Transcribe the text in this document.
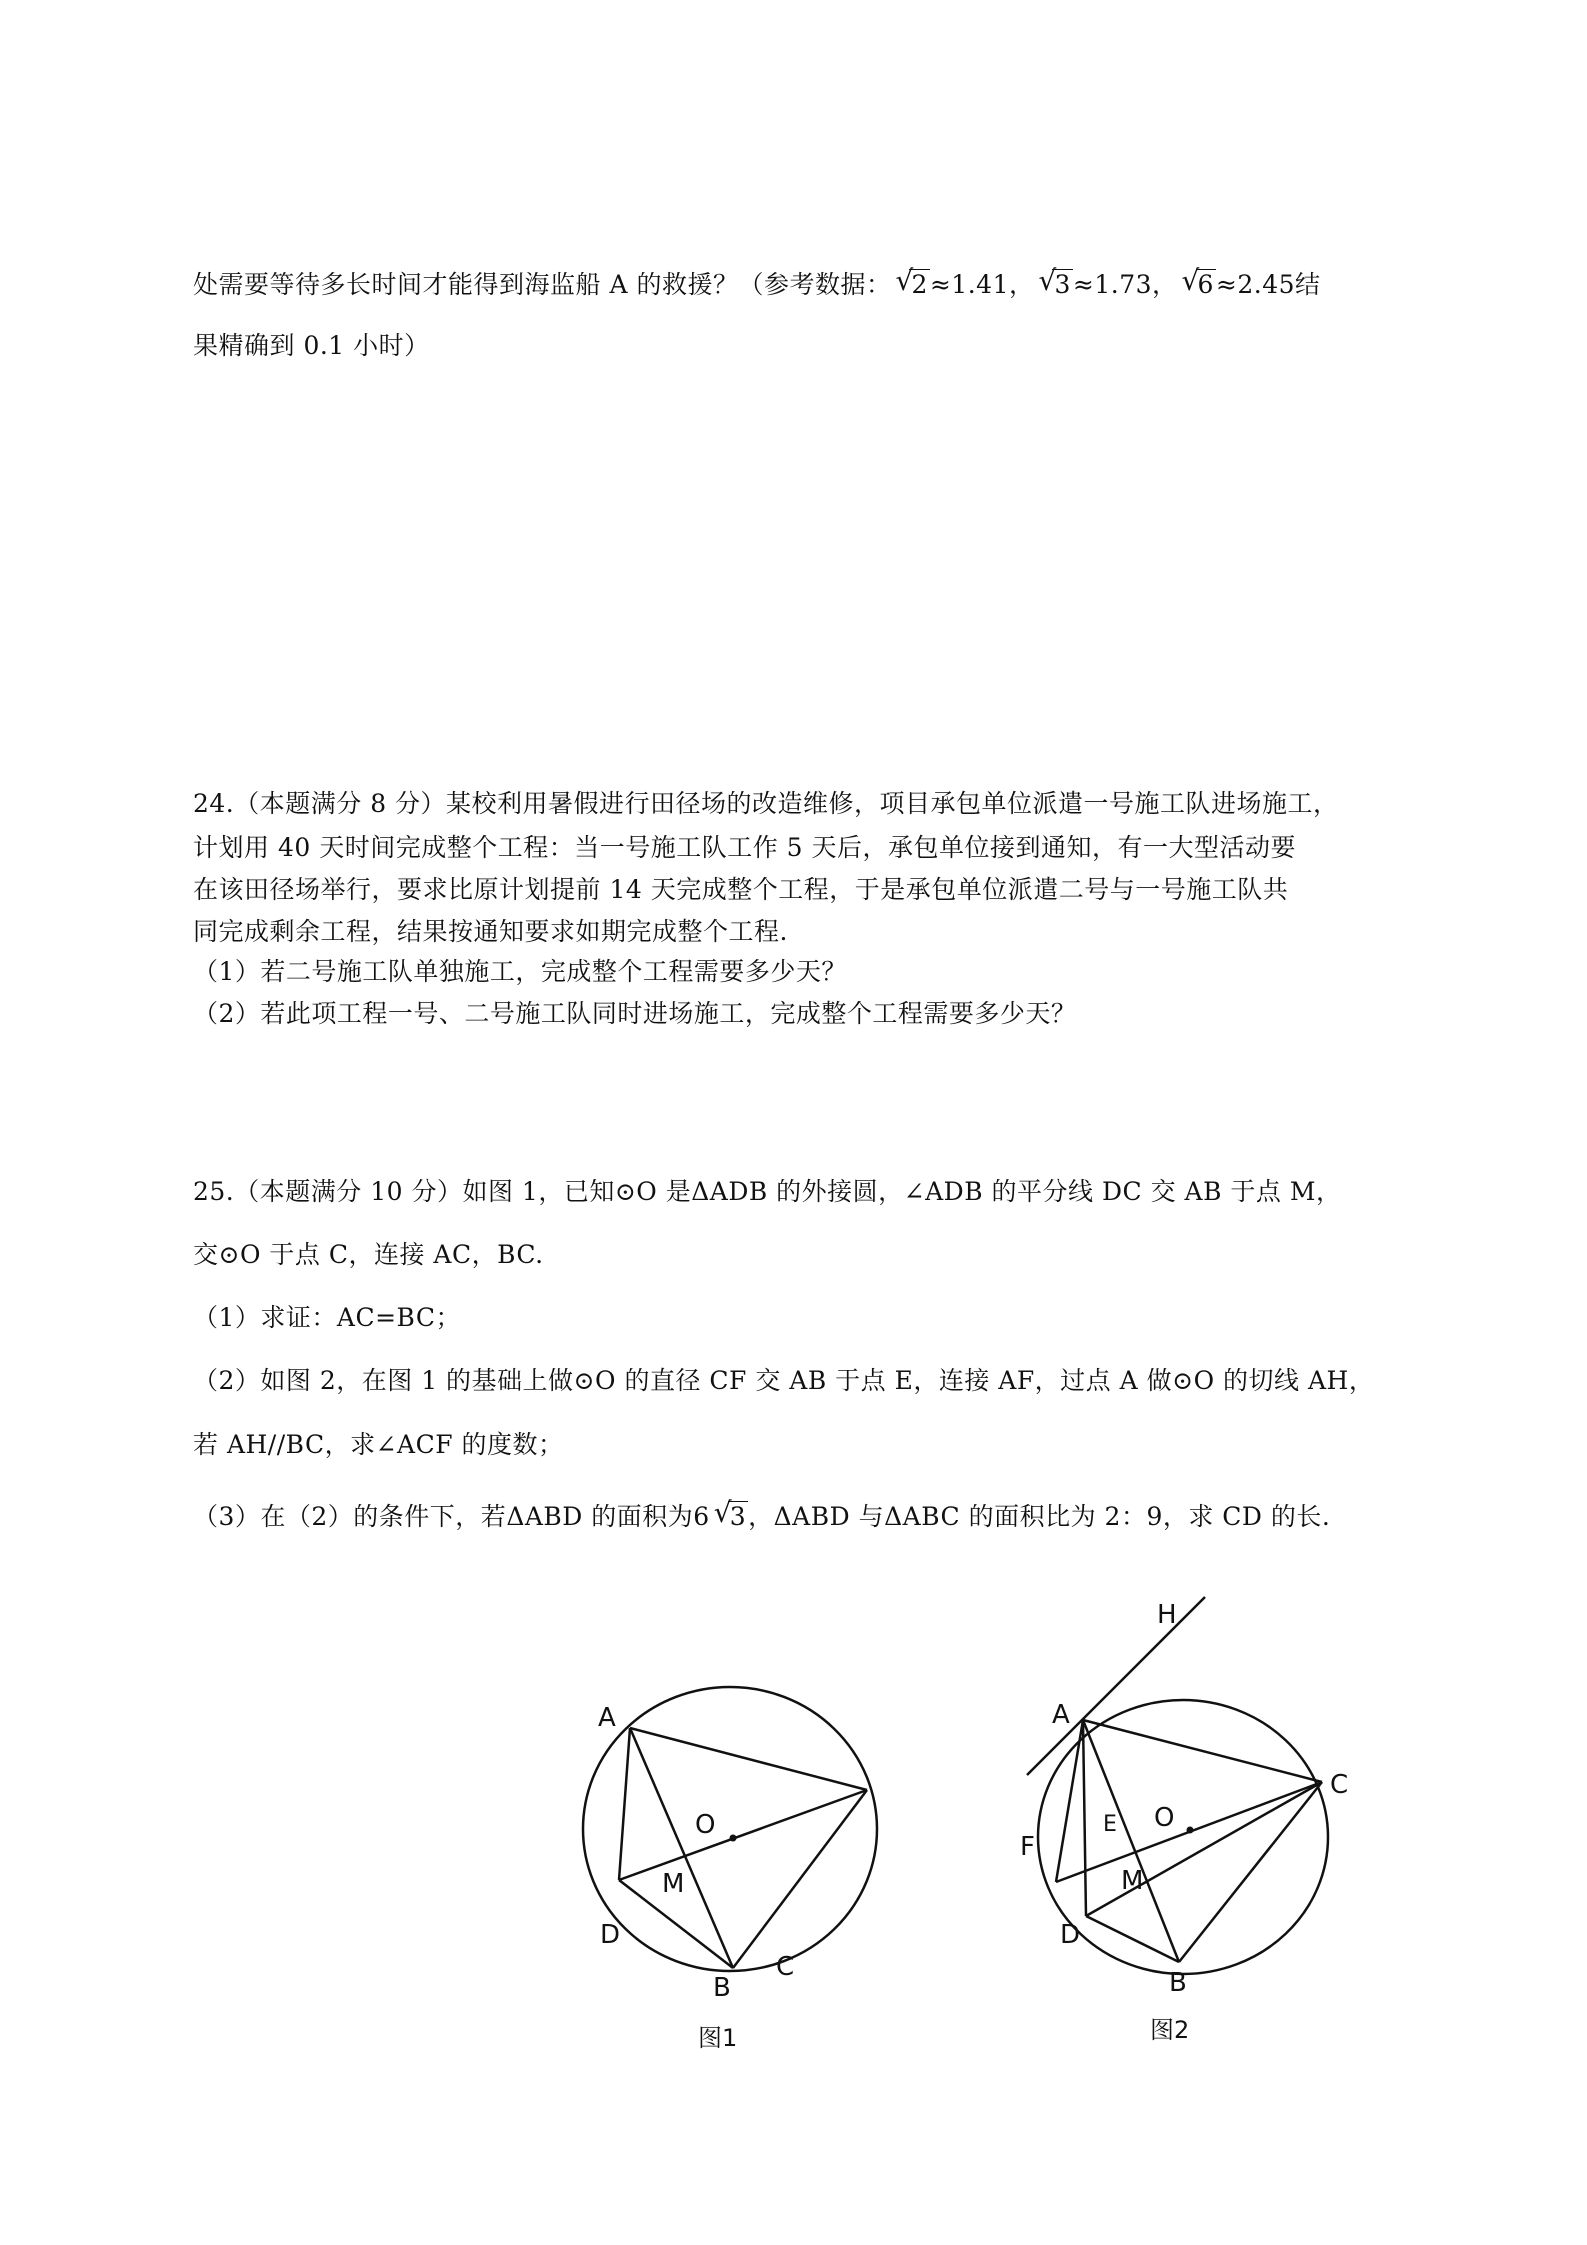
处需要等待多长时间才能得到海监船 A 的救援？（参考数据： √
2≈1.41， √
3≈1.73， √
6≈2.45结
果精确到 0.1 小时）
24.（本题满分 8 分）某校利用暑假进行田径场的改造维修，项目承包单位派遣一号施工队进场施工，
计划用 40 天时间完成整个工程：当一号施工队工作 5 天后，承包单位接到通知，有一大型活动要
在该田径场举行，要求比原计划提前 14 天完成整个工程，于是承包单位派遣二号与一号施工队共
同完成剩余工程，结果按通知要求如期完成整个工程.
（1）若二号施工队单独施工，完成整个工程需要多少天？
（2）若此项工程一号、二号施工队同时进场施工，完成整个工程需要多少天？
25.（本题满分 10 分）如图 1，已知⊙O 是ΔADB 的外接圆，∠ADB 的平分线 DC 交 AB 于点 M，
交⊙O 于点 C，连接 AC，BC.
（1）求证：AC=BC；
（2）如图 2，在图 1 的基础上做⊙O 的直径 CF 交 AB 于点 E，连接 AF，过点 A 做⊙O 的切线 AH，
若 AH//BC，求∠ACF 的度数；
（3）在（2）的条件下，若ΔABD 的面积为6 √
3，ΔABD 与ΔABC 的面积比为 2：9，求 CD 的长.
A
O
M
D
B
C
图1
H
A
E O
C
F
M
D
B
图2
